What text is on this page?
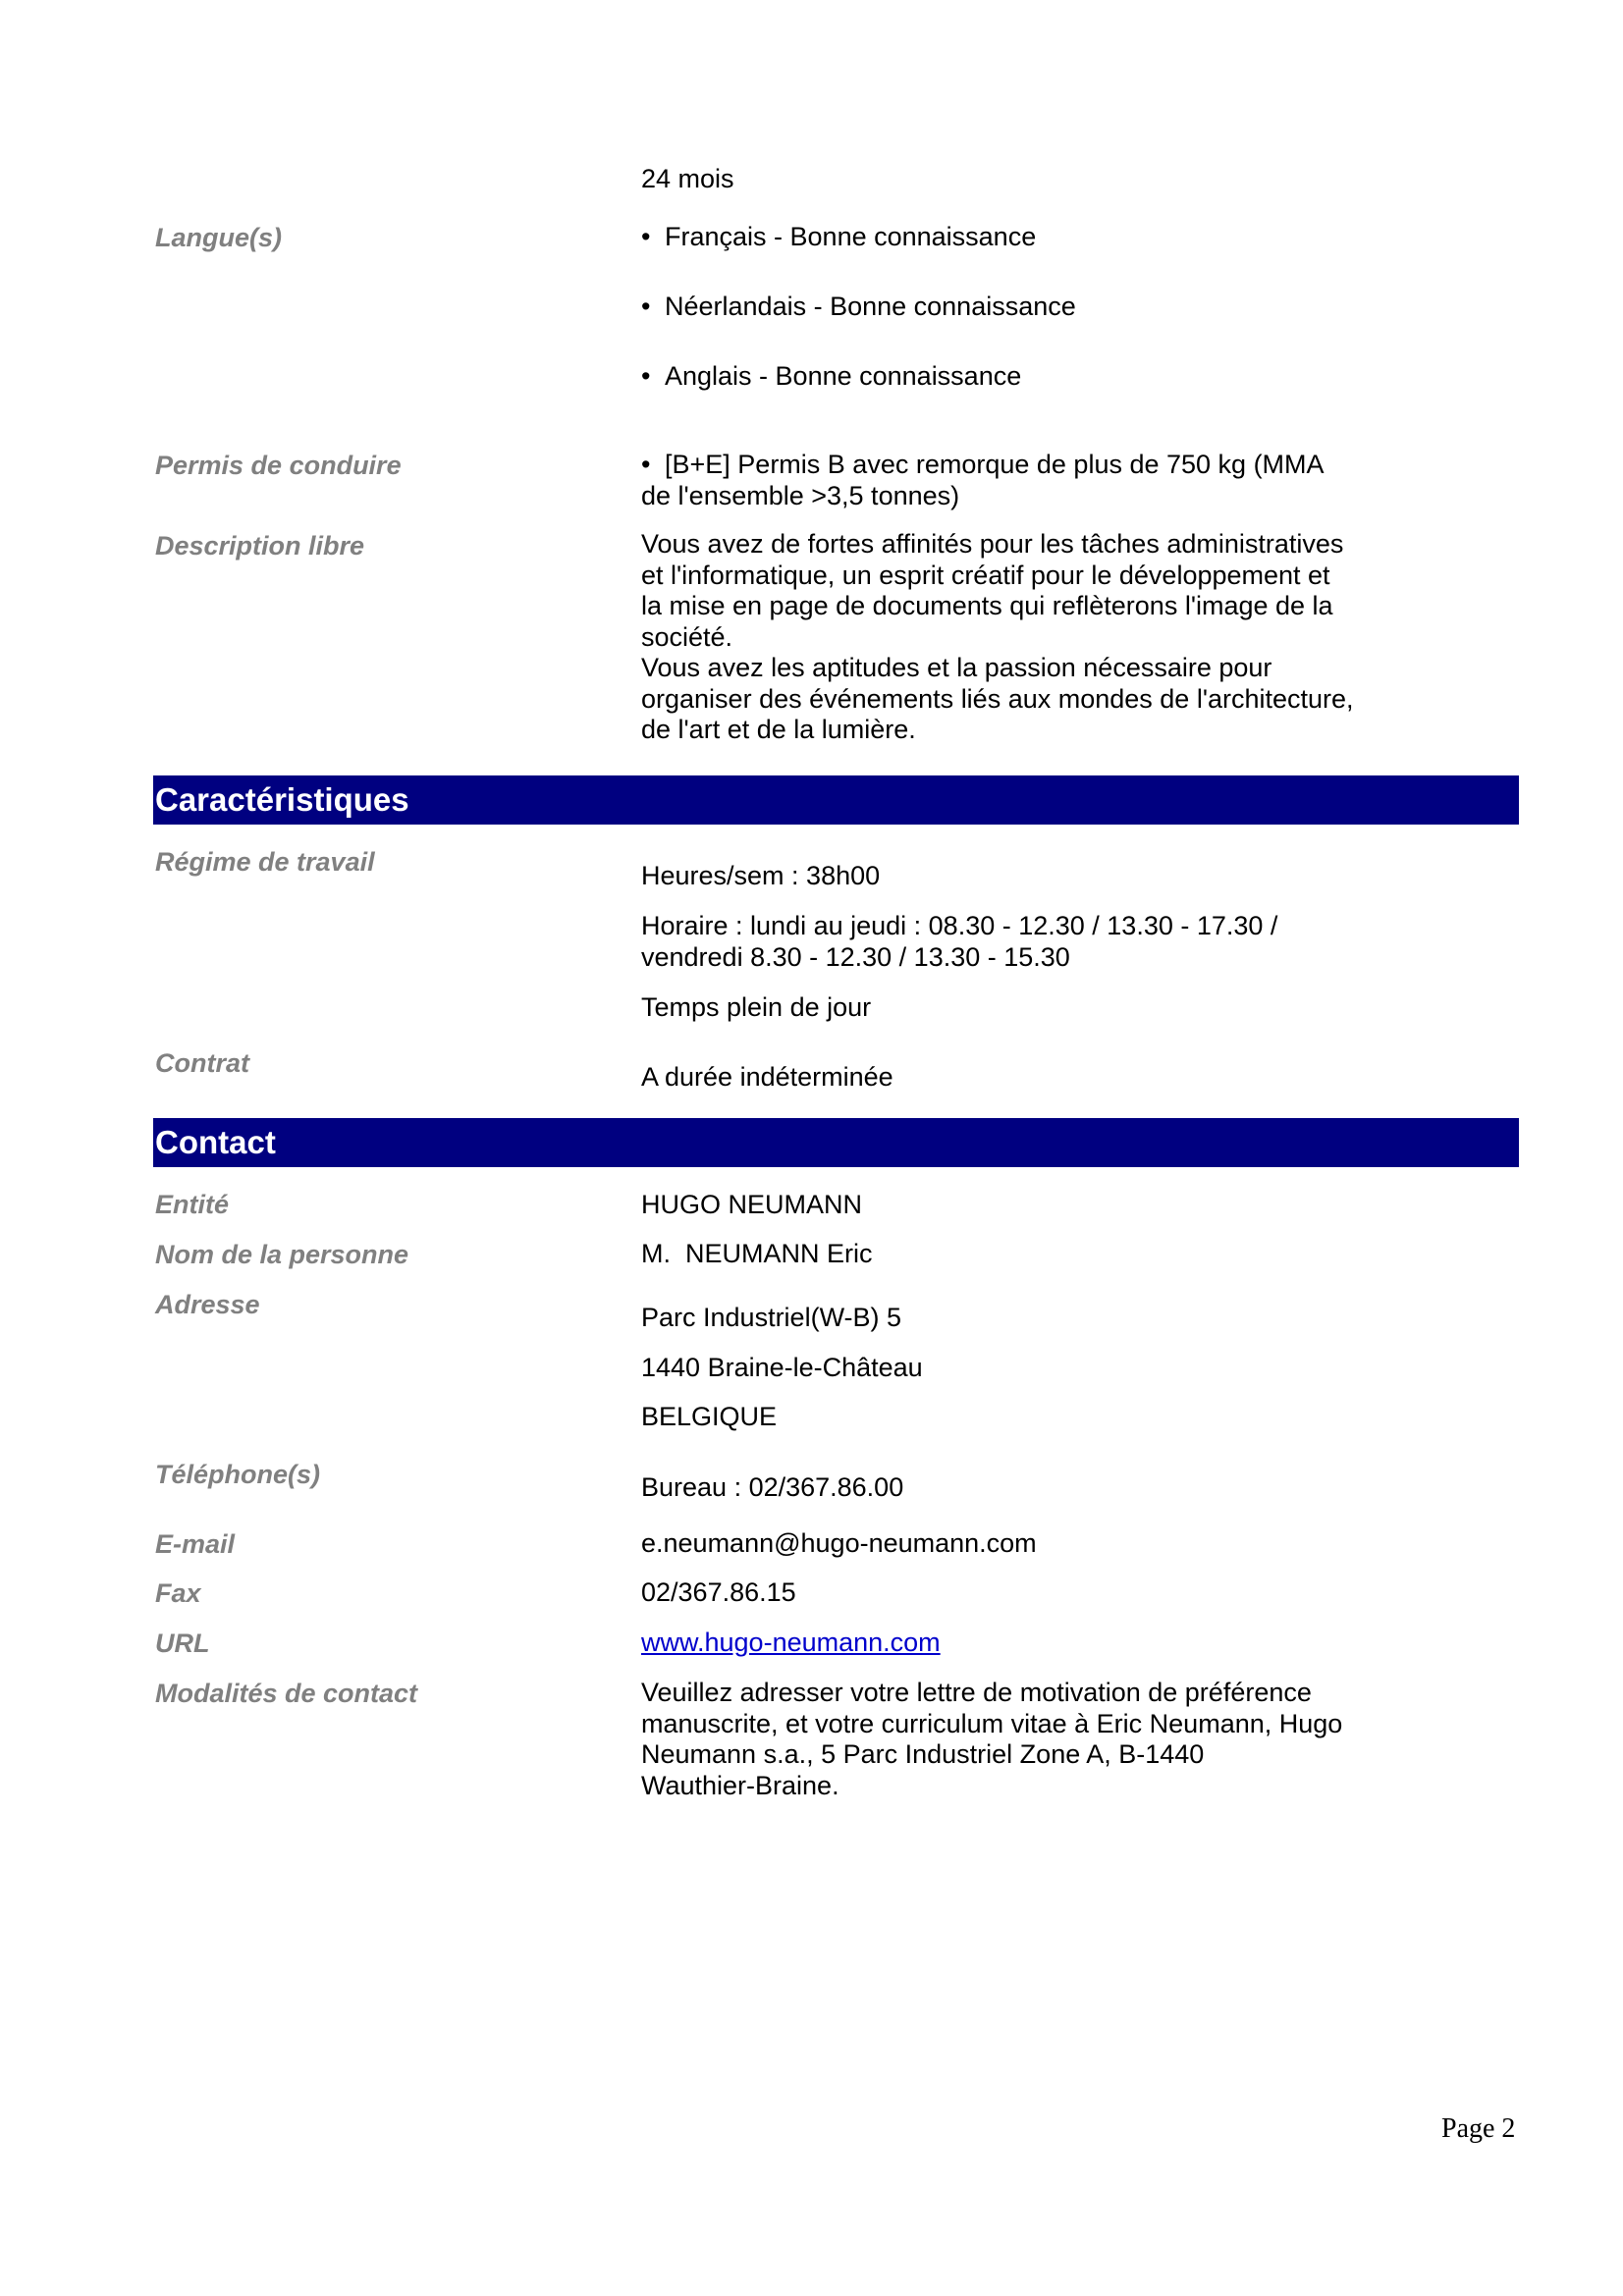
24 mois
Langue(s)	• Français - Bonne connaissance
• Néerlandais - Bonne connaissance
• Anglais - Bonne connaissance
Permis de conduire	• [B+E] Permis B avec remorque de plus de 750 kg (MMA
de l'ensemble >3,5 tonnes)
Description libre	Vous avez de fortes affinités pour les tâches administratives
et l'informatique, un esprit créatif pour le développement et
la mise en page de documents qui reflèterons l'image de la
société.
Vous avez les aptitudes et la passion nécessaire pour
organiser des événements liés aux mondes de l'architecture,
de l'art et de la lumière.
Caractéristiques
Régime de travail	Heures/sem : 38h00
Horaire : lundi au jeudi : 08.30 - 12.30 / 13.30 - 17.30 /
vendredi 8.30 - 12.30 / 13.30 - 15.30
Temps plein de jour
Contrat	A durée indéterminée
Contact
Entité	HUGO NEUMANN
Nom de la personne	M.  NEUMANN Eric
Adresse	Parc Industriel(W-B) 5
1440 Braine-le-Château
BELGIQUE
Téléphone(s)	Bureau : 02/367.86.00
E-mail	e.neumann@hugo-neumann.com
Fax	02/367.86.15
URL	www.hugo-neumann.com
Modalités de contact	Veuillez adresser votre lettre de motivation de préférence
manuscrite, et votre curriculum vitae à Eric Neumann, Hugo
Neumann s.a., 5 Parc Industriel Zone A, B-1440
Wauthier-Braine.
Page 2
